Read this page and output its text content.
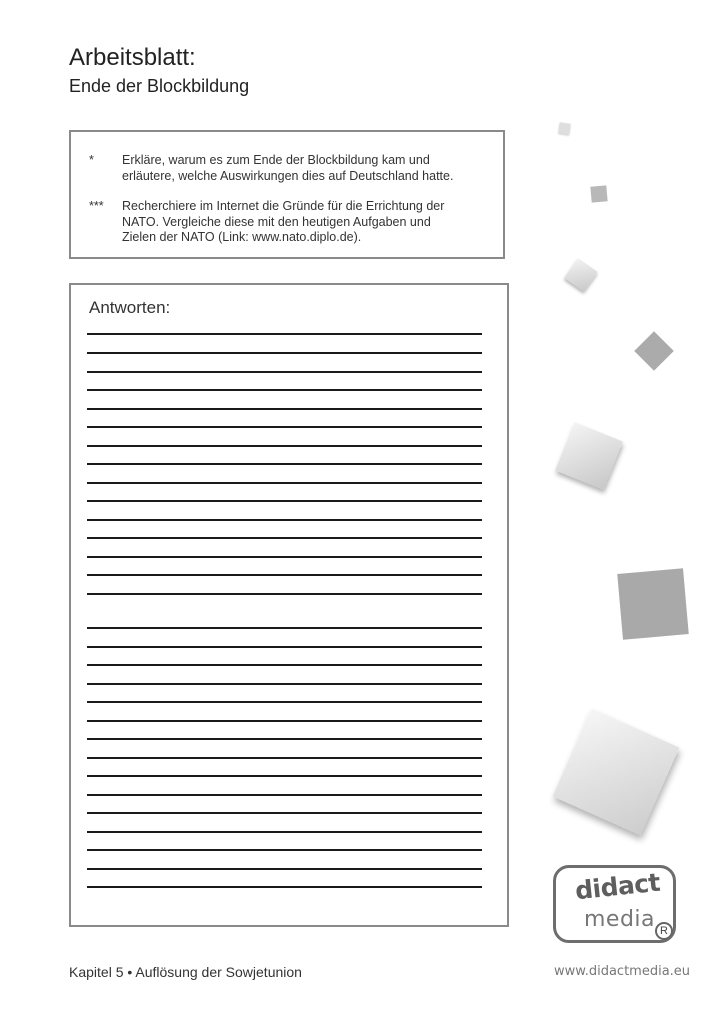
Arbeitsblatt:
Ende der Blockbildung
*	Erkläre, warum es zum Ende der Blockbildung kam und
erläutere, welche Auswirkungen dies auf Deutschland hatte.
***	Recherchiere im Internet die Gründe für die Errichtung der
NATO. Vergleiche diese mit den heutigen Aufgaben und
Zielen der NATO (Link: www.nato.diplo.de).
Antworten:
didact
media R
Kapitel 5 • Auflösung der Sowjetunion	www.didactmedia.eu
